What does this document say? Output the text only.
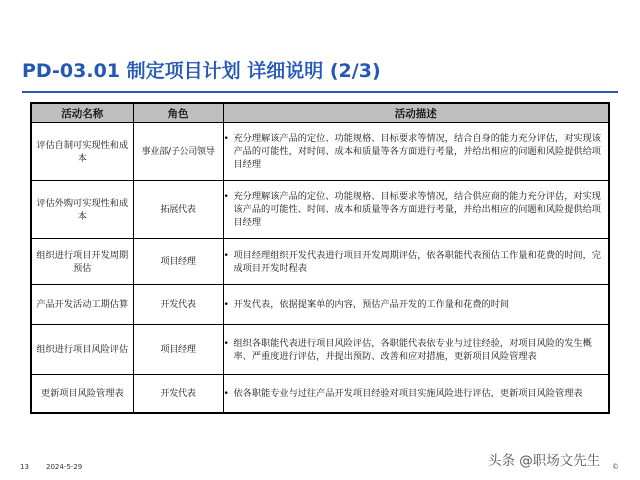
PD-03.01 制定项目计划 详细说明 (2/3)
活动名称	角色	活动描述
评估自制可实现性和成本	事业部/子公司领导	• 充分理解该产品的定位、功能规格、目标要求等情况，结合自身的能力充分评估，对实现该产品的可能性，对时间、成本和质量等各方面进行考量，并给出相应的问题和风险提供给项目经理

评估外购可实现性和成本	拓展代表	• 充分理解该产品的定位、功能规格、目标要求等情况，结合供应商的能力充分评估，对实现该产品的可能性、时间、成本和质量等各方面进行考量，并给出相应的问题和风险提供给项目经理

组织进行项目开发周期预估	项目经理	• 项目经理组织开发代表进行项目开发周期评估，依各职能代表预估工作量和花费的时间，完成项目开发时程表

产品开发活动工期估算	开发代表	• 开发代表，依据提案单的内容，预估产品开发的工作量和花费的时间

组织进行项目风险评估	项目经理	• 组织各职能代表进行项目风险评估，各职能代表依专业与过往经验，对项目风险的发生概率、严重度进行评估，并提出预防、改善和应对措施，更新项目风险管理表

更新项目风险管理表	开发代表	• 依各职能专业与过往产品开发项目经验对项目实施风险进行评估，更新项目风险管理表
13 2024-5-29	头条 @职场文先生 ©
